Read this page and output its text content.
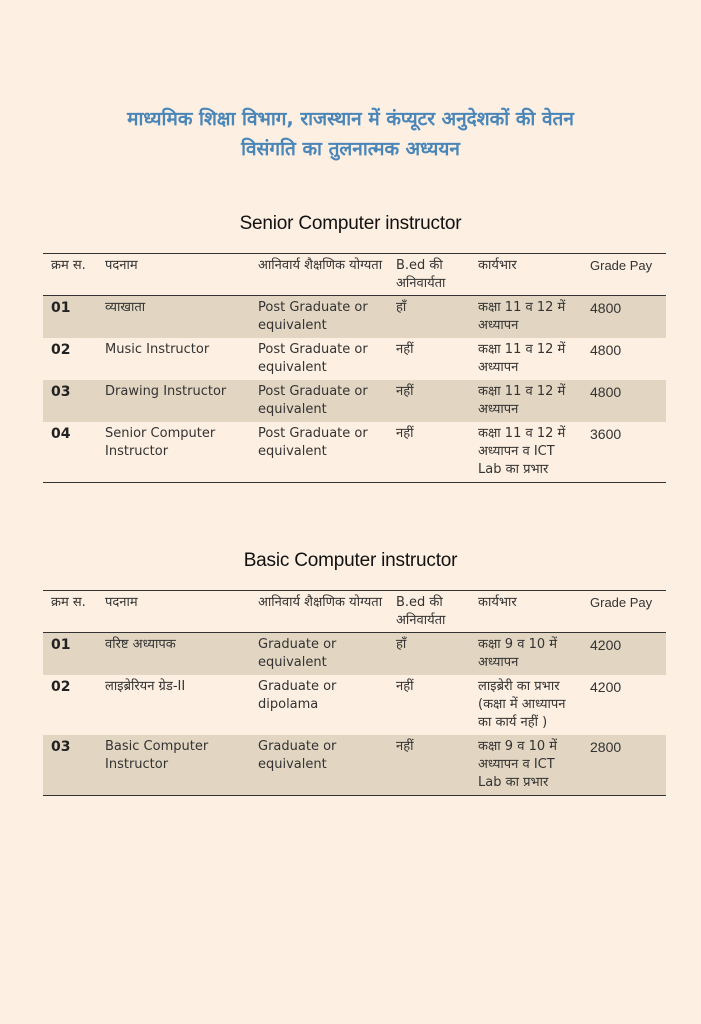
माध्यमिक शिक्षा विभाग, राजस्थान में कंप्यूटर अनुदेशकों की वेतन
विसंगति का तुलनात्मक अध्ययन
Senior Computer instructor
क्रम स.	पदनाम	आनिवार्य शैक्षणिक योग्यता	B.ed की अनिवार्यता	कार्यभार	Grade Pay
01	व्याखाता	Post Graduate or equivalent	हाँ	कक्षा 11 व 12 में अध्यापन	4800
02	Music Instructor	Post Graduate or equivalent	नहीं	कक्षा 11 व 12 में अध्यापन	4800
03	Drawing Instructor	Post Graduate or equivalent	नहीं	कक्षा 11 व 12 में अध्यापन	4800
04	Senior Computer Instructor	Post Graduate or equivalent	नहीं	कक्षा 11 व 12 में अध्यापन व ICT Lab का प्रभार	3600
Basic Computer instructor
क्रम स.	पदनाम	आनिवार्य शैक्षणिक योग्यता	B.ed की अनिवार्यता	कार्यभार	Grade Pay
01	वरिष्ट अध्यापक	Graduate or equivalent	हाँ	कक्षा 9 व 10 में अध्यापन	4200
02	लाइब्रेरियन ग्रेड-II	Graduate or dipolama	नहीं	लाइब्रेरी का प्रभार (कक्षा में आध्यापन का कार्य नहीं )	4200
03	Basic Computer Instructor	Graduate or equivalent	नहीं	कक्षा 9 व 10 में अध्यापन व ICT Lab का प्रभार	2800
